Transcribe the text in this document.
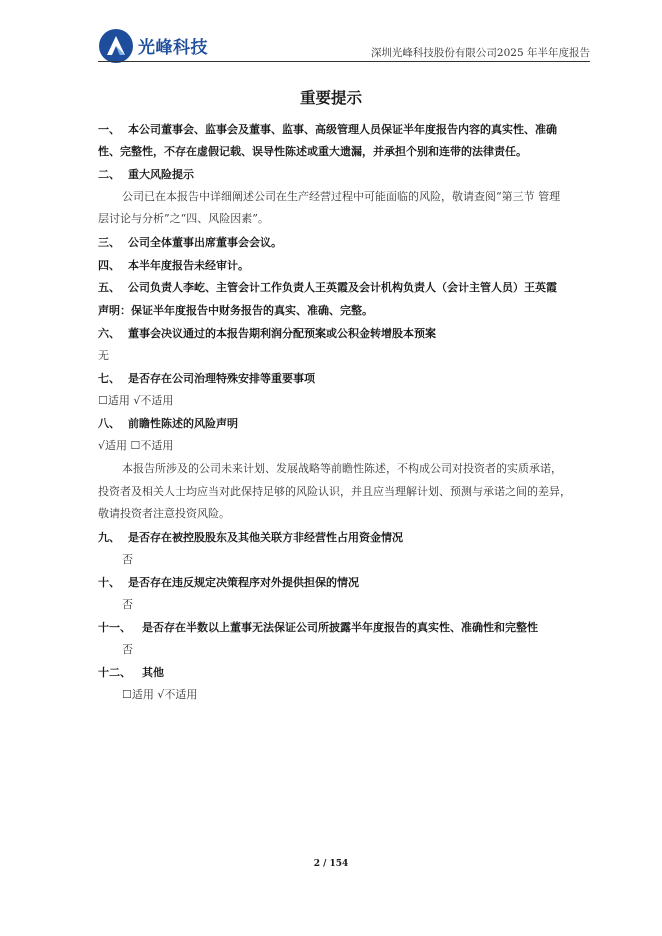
光峰科技	深圳光峰科技股份有限公司2025 年半年度报告
重要提示
一、 本公司董事会、监事会及董事、监事、高级管理人员保证半年度报告内容的真实性、准确
性、完整性，不存在虚假记载、误导性陈述或重大遗漏，并承担个别和连带的法律责任。
二、 重大风险提示
公司已在本报告中详细阐述公司在生产经营过程中可能面临的风险，敬请查阅“第三节 管理
层讨论与分析”之“四、风险因素”。
三、 公司全体董事出席董事会会议。
四、 本半年度报告未经审计。
五、 公司负责人李屹、主管会计工作负责人王英霞及会计机构负责人（会计主管人员）王英霞
声明：保证半年度报告中财务报告的真实、准确、完整。
六、 董事会决议通过的本报告期利润分配预案或公积金转增股本预案
无
七、 是否存在公司治理特殊安排等重要事项
☐适用 √不适用
八、 前瞻性陈述的风险声明
√适用 ☐不适用
本报告所涉及的公司未来计划、发展战略等前瞻性陈述，不构成公司对投资者的实质承诺，
投资者及相关人士均应当对此保持足够的风险认识，并且应当理解计划、预测与承诺之间的差异，
敬请投资者注意投资风险。
九、 是否存在被控股股东及其他关联方非经营性占用资金情况
否
十、 是否存在违反规定决策程序对外提供担保的情况
否
十一、 是否存在半数以上董事无法保证公司所披露半年度报告的真实性、准确性和完整性
否
十二、 其他
☐适用 √不适用
2 / 154
